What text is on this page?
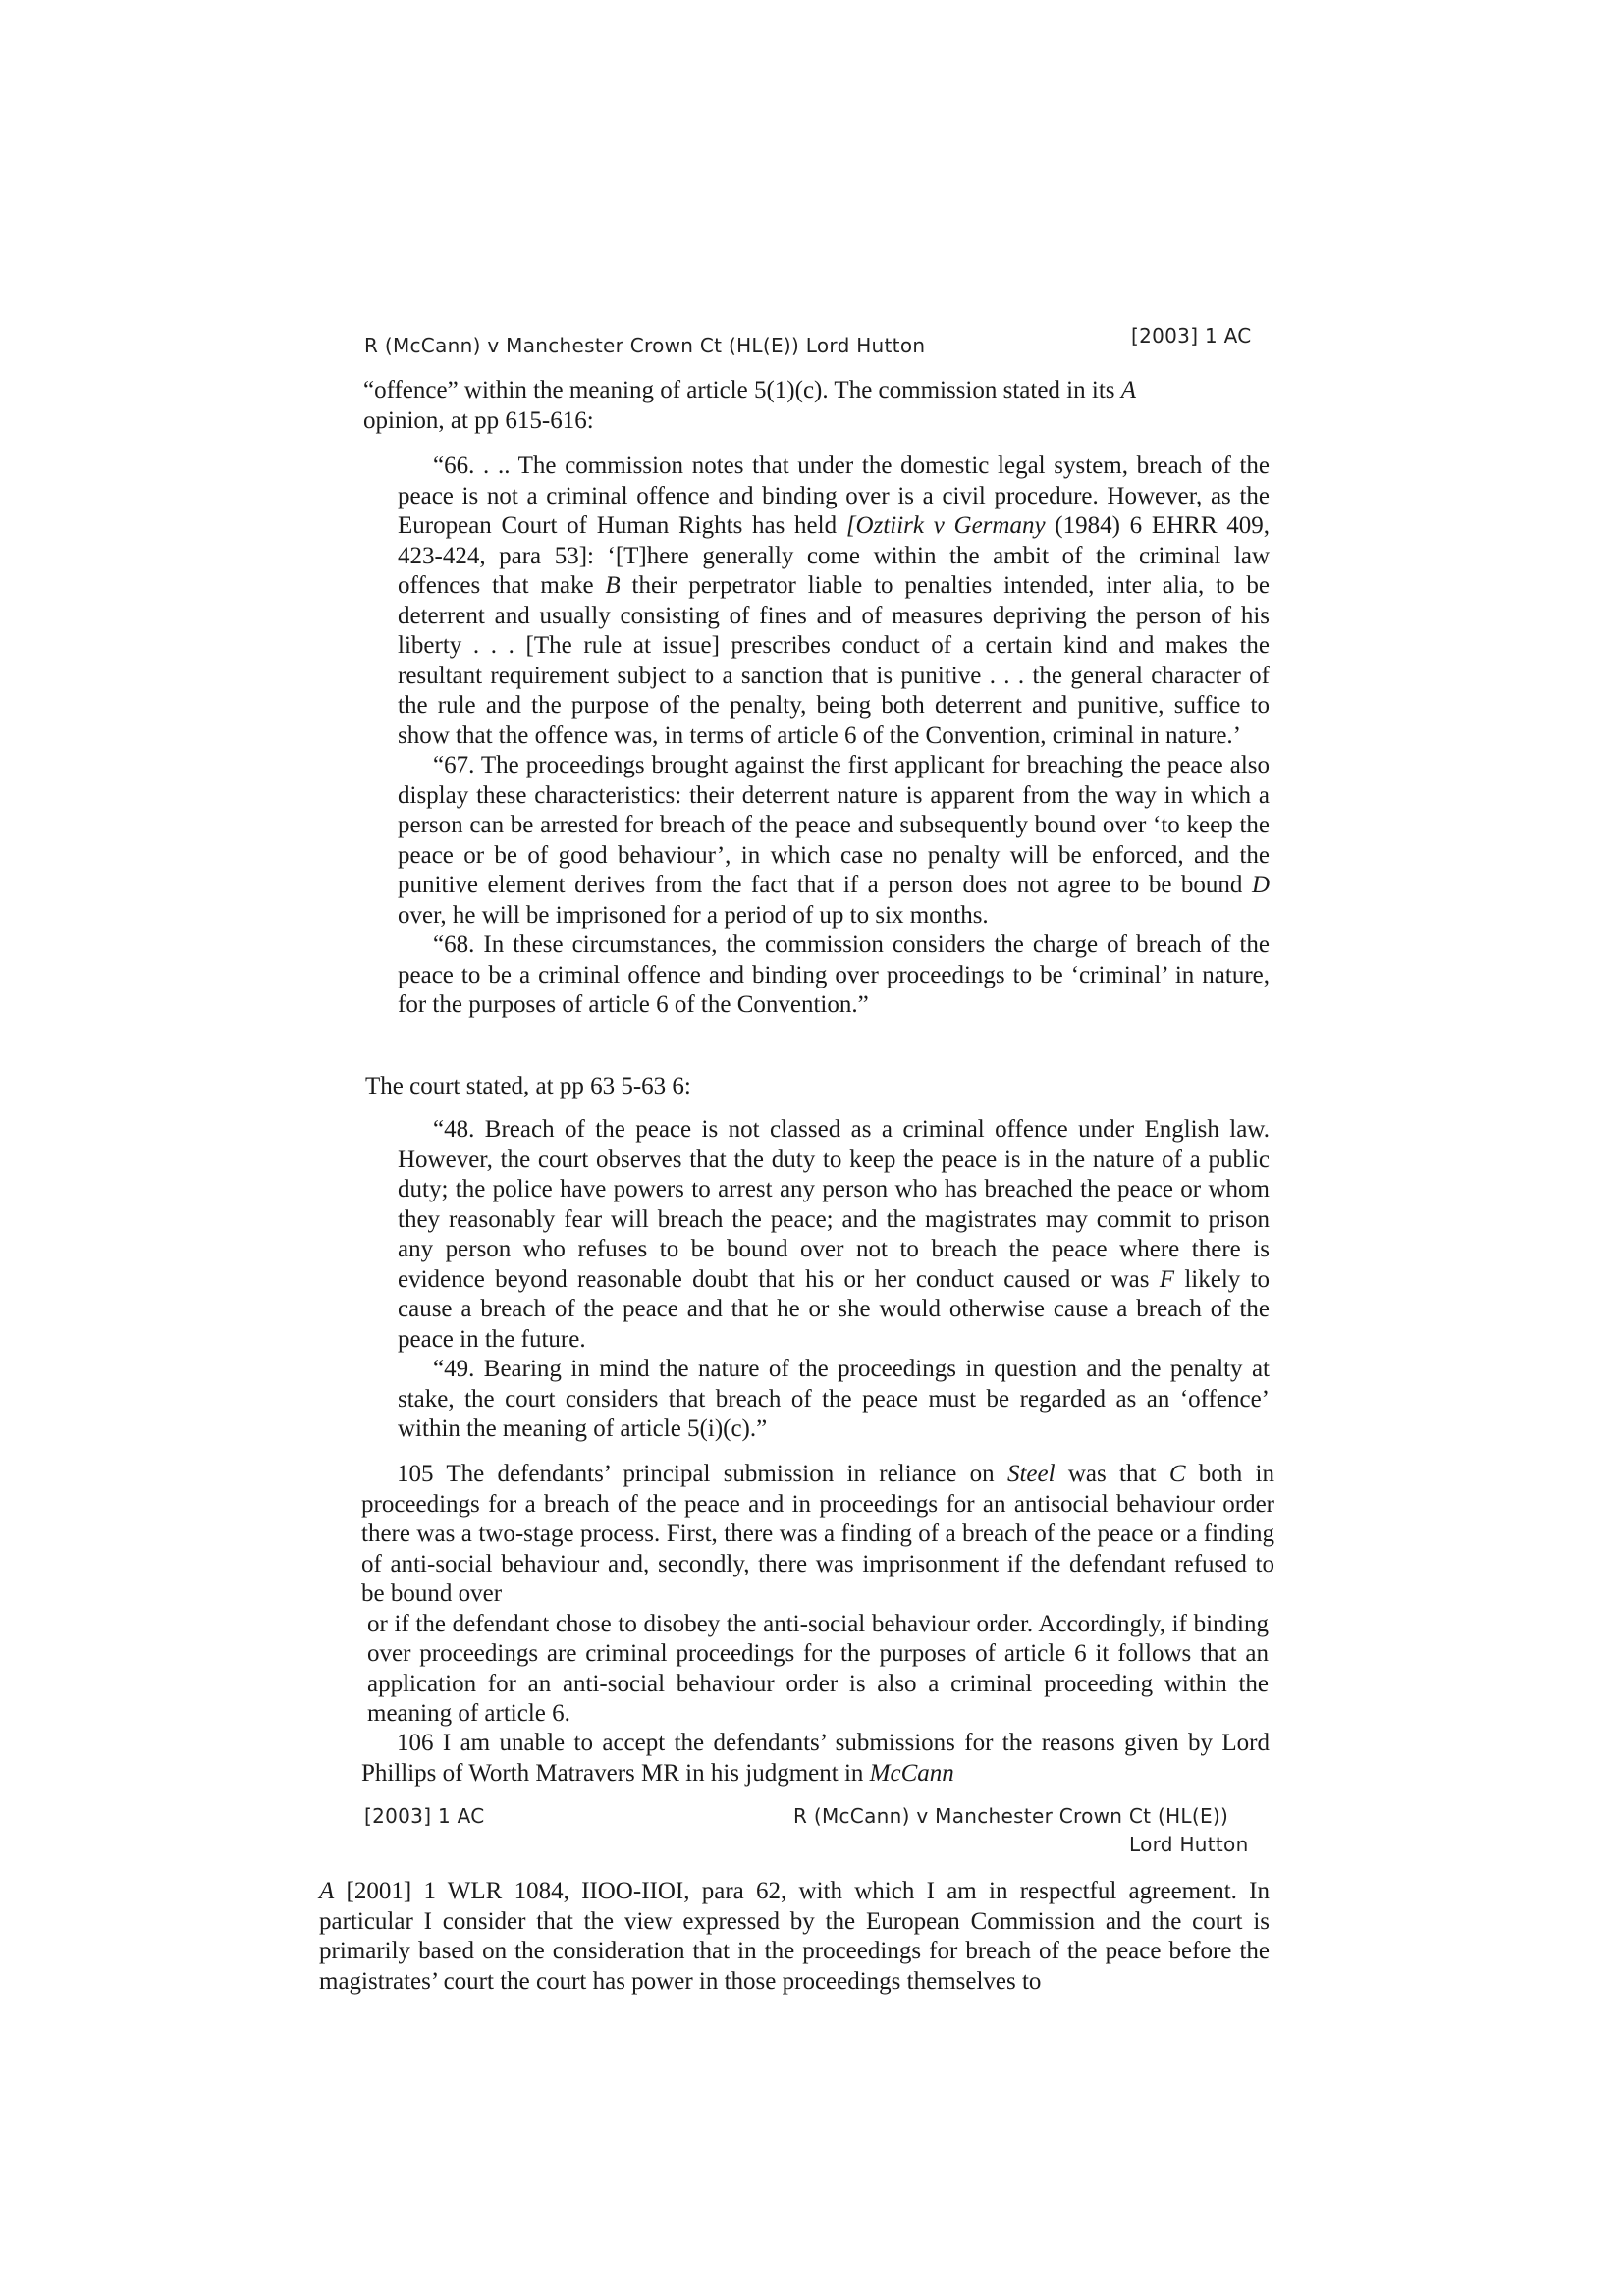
R (McCann) v Manchester Crown Ct (HL(E)) Lord Hutton	[2003] 1 AC

“offence” within the meaning of article 5(1)(c). The commission stated in its A

opinion, at pp 615-616:

“66. . .. The commission notes that under the domestic legal system, breach of the peace is not a criminal offence and binding over is a civil procedure. However, as the European Court of Human Rights has held [Oztiirk v Germany (1984) 6 EHRR 409, 423-424, para 53]: ‘[T]here generally come within the ambit of the criminal law offences that make B their perpetrator liable to penalties intended, inter alia, to be deterrent and usually consisting of fines and of measures depriving the person of his liberty . . . [The rule at issue] prescribes conduct of a certain kind and makes the resultant requirement subject to a sanction that is punitive . . . the general character of the rule and the purpose of the penalty, being both deterrent and punitive, suffice to show that the offence was, in terms of article 6 of the Convention, criminal in nature.’

“67. The proceedings brought against the first applicant for breaching the peace also display these characteristics: their deterrent nature is apparent from the way in which a person can be arrested for breach of the peace and subsequently bound over ‘to keep the peace or be of good behaviour’, in which case no penalty will be enforced, and the punitive element derives from the fact that if a person does not agree to be bound D over, he will be imprisoned for a period of up to six months.

“68. In these circumstances, the commission considers the charge of breach of the peace to be a criminal offence and binding over proceedings to be ‘criminal’ in nature, for the purposes of article 6 of the Convention.”

The court stated, at pp 63 5-63 6:

“48. Breach of the peace is not classed as a criminal offence under English law. However, the court observes that the duty to keep the peace is in the nature of a public duty; the police have powers to arrest any person who has breached the peace or whom they reasonably fear will breach the peace; and the magistrates may commit to prison any person who refuses to be bound over not to breach the peace where there is evidence beyond reasonable doubt that his or her conduct caused or was F likely to cause a breach of the peace and that he or she would otherwise cause a breach of the peace in the future.

“49. Bearing in mind the nature of the proceedings in question and the penalty at stake, the court considers that breach of the peace must be regarded as an ‘offence’ within the meaning of article 5(i)(c).”

105 The defendants’ principal submission in reliance on Steel was that C both in proceedings for a breach of the peace and in proceedings for an antisocial behaviour order there was a two-stage process. First, there was a finding of a breach of the peace or a finding of anti-social behaviour and, secondly, there was imprisonment if the defendant refused to be bound over

or if the defendant chose to disobey the anti-social behaviour order. Accordingly, if binding over proceedings are criminal proceedings for the purposes of article 6 it follows that an application for an anti-social behaviour order is also a criminal proceeding within the meaning of article 6.

106 I am unable to accept the defendants’ submissions for the reasons given by Lord Phillips of Worth Matravers MR in his judgment in McCann

[2003] 1 AC	R (McCann) v Manchester Crown Ct (HL(E))
Lord Hutton

A [2001] 1 WLR 1084, IIOO-IIOI, para 62, with which I am in respectful agreement. In particular I consider that the view expressed by the European Commission and the court is primarily based on the consideration that in the proceedings for breach of the peace before the magistrates’ court the court has power in those proceedings themselves to
